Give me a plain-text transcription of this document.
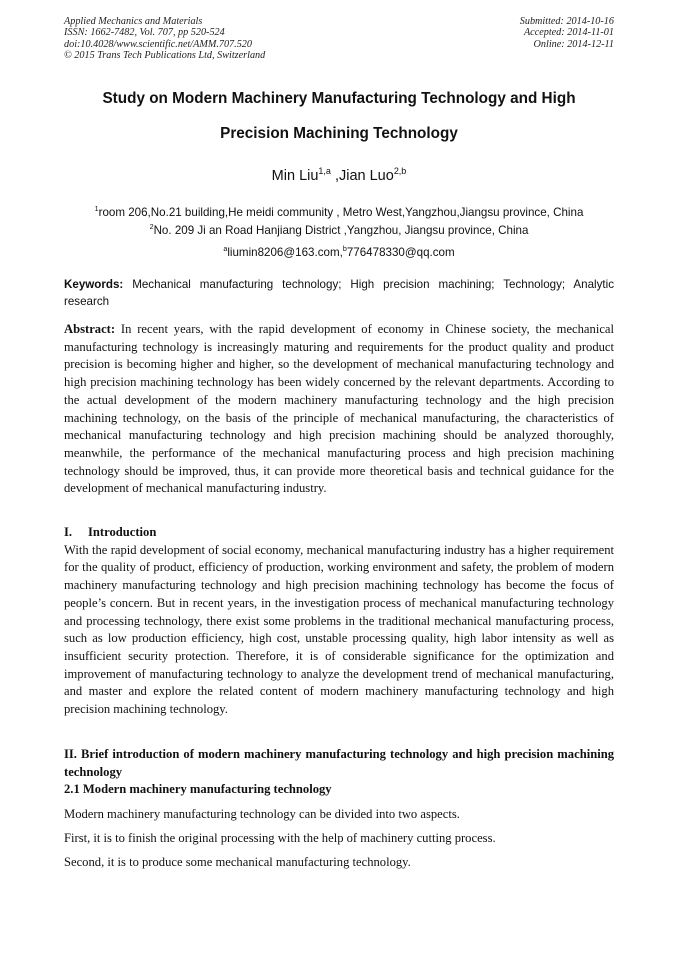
Applied Mechanics and Materials
ISSN: 1662-7482, Vol. 707, pp 520-524
doi:10.4028/www.scientific.net/AMM.707.520
© 2015 Trans Tech Publications Ltd, Switzerland
Submitted: 2014-10-16
Accepted: 2014-11-01
Online: 2014-12-11
Study on Modern Machinery Manufacturing Technology and High
Precision Machining Technology
Min Liu$^{1,a}$ ,Jian Luo$^{2,b}$
$^1$room 206,No.21 building,He meidi community , Metro West,Yangzhou,Jiangsu province, China
$^2$No. 209 Ji an Road Hanjiang District ,Yangzhou, Jiangsu province, China
$^a$liumin8206@163.com,$^b$776478330@qq.com
Keywords: Mechanical manufacturing technology; High precision machining; Technology; Analytic research
Abstract: In recent years, with the rapid development of economy in Chinese society, the mechanical manufacturing technology is increasingly maturing and requirements for the product quality and product precision is becoming higher and higher, so the development of mechanical manufacturing technology and high precision machining technology has been widely concerned by the relevant departments. According to the actual development of the modern machinery manufacturing technology and the high precision machining technology, on the basis of the principle of mechanical manufacturing, the characteristics of mechanical manufacturing technology and high precision machining should be analyzed thoroughly, meanwhile, the performance of the mechanical manufacturing process and high precision machining technology should be improved, thus, it can provide more theoretical basis and technical guidance for the development of mechanical manufacturing industry.
I. Introduction
With the rapid development of social economy, mechanical manufacturing industry has a higher requirement for the quality of product, efficiency of production, working environment and safety, the problem of modern machinery manufacturing technology and high precision machining technology has become the focus of people’s concern. But in recent years, in the investigation process of mechanical manufacturing technology and processing technology, there exist some problems in the traditional mechanical manufacturing process, such as low production efficiency, high cost, unstable processing quality, high labor intensity as well as insufficient security protection. Therefore, it is of considerable significance for the optimization and improvement of manufacturing technology to analyze the development trend of mechanical manufacturing, and master and explore the related content of modern machinery manufacturing technology and high precision machining technology.
II. Brief introduction of modern machinery manufacturing technology and high precision machining technology
2.1 Modern machinery manufacturing technology
Modern machinery manufacturing technology can be divided into two aspects.
First, it is to finish the original processing with the help of machinery cutting process.
Second, it is to produce some mechanical manufacturing technology.
